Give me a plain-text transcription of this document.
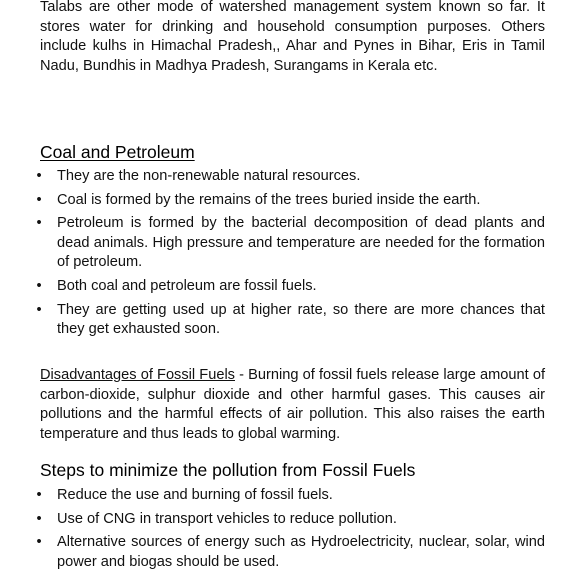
Talabs are other mode of watershed management system known so far. It stores water for drinking and household consumption purposes. Others include kulhs in Himachal Pradesh,, Ahar and Pynes in Bihar, Eris in Tamil Nadu, Bundhis in Madhya Pradesh, Surangams in Kerala etc.

Coal and Petroleum
• They are the non-renewable natural resources.
• Coal is formed by the remains of the trees buried inside the earth.
• Petroleum is formed by the bacterial decomposition of dead plants and dead animals. High pressure and temperature are needed for the formation of petroleum.
• Both coal and petroleum are fossil fuels.
• They are getting used up at higher rate, so there are more chances that they get exhausted soon.

Disadvantages of Fossil Fuels - Burning of fossil fuels release large amount of carbon-dioxide, sulphur dioxide and other harmful gases. This causes air pollutions and the harmful effects of air pollution. This also raises the earth temperature and thus leads to global warming.

Steps to minimize the pollution from Fossil Fuels
• Reduce the use and burning of fossil fuels.
• Use of CNG in transport vehicles to reduce pollution.
• Alternative sources of energy such as Hydroelectricity, nuclear, solar, wind power and biogas should be used.
